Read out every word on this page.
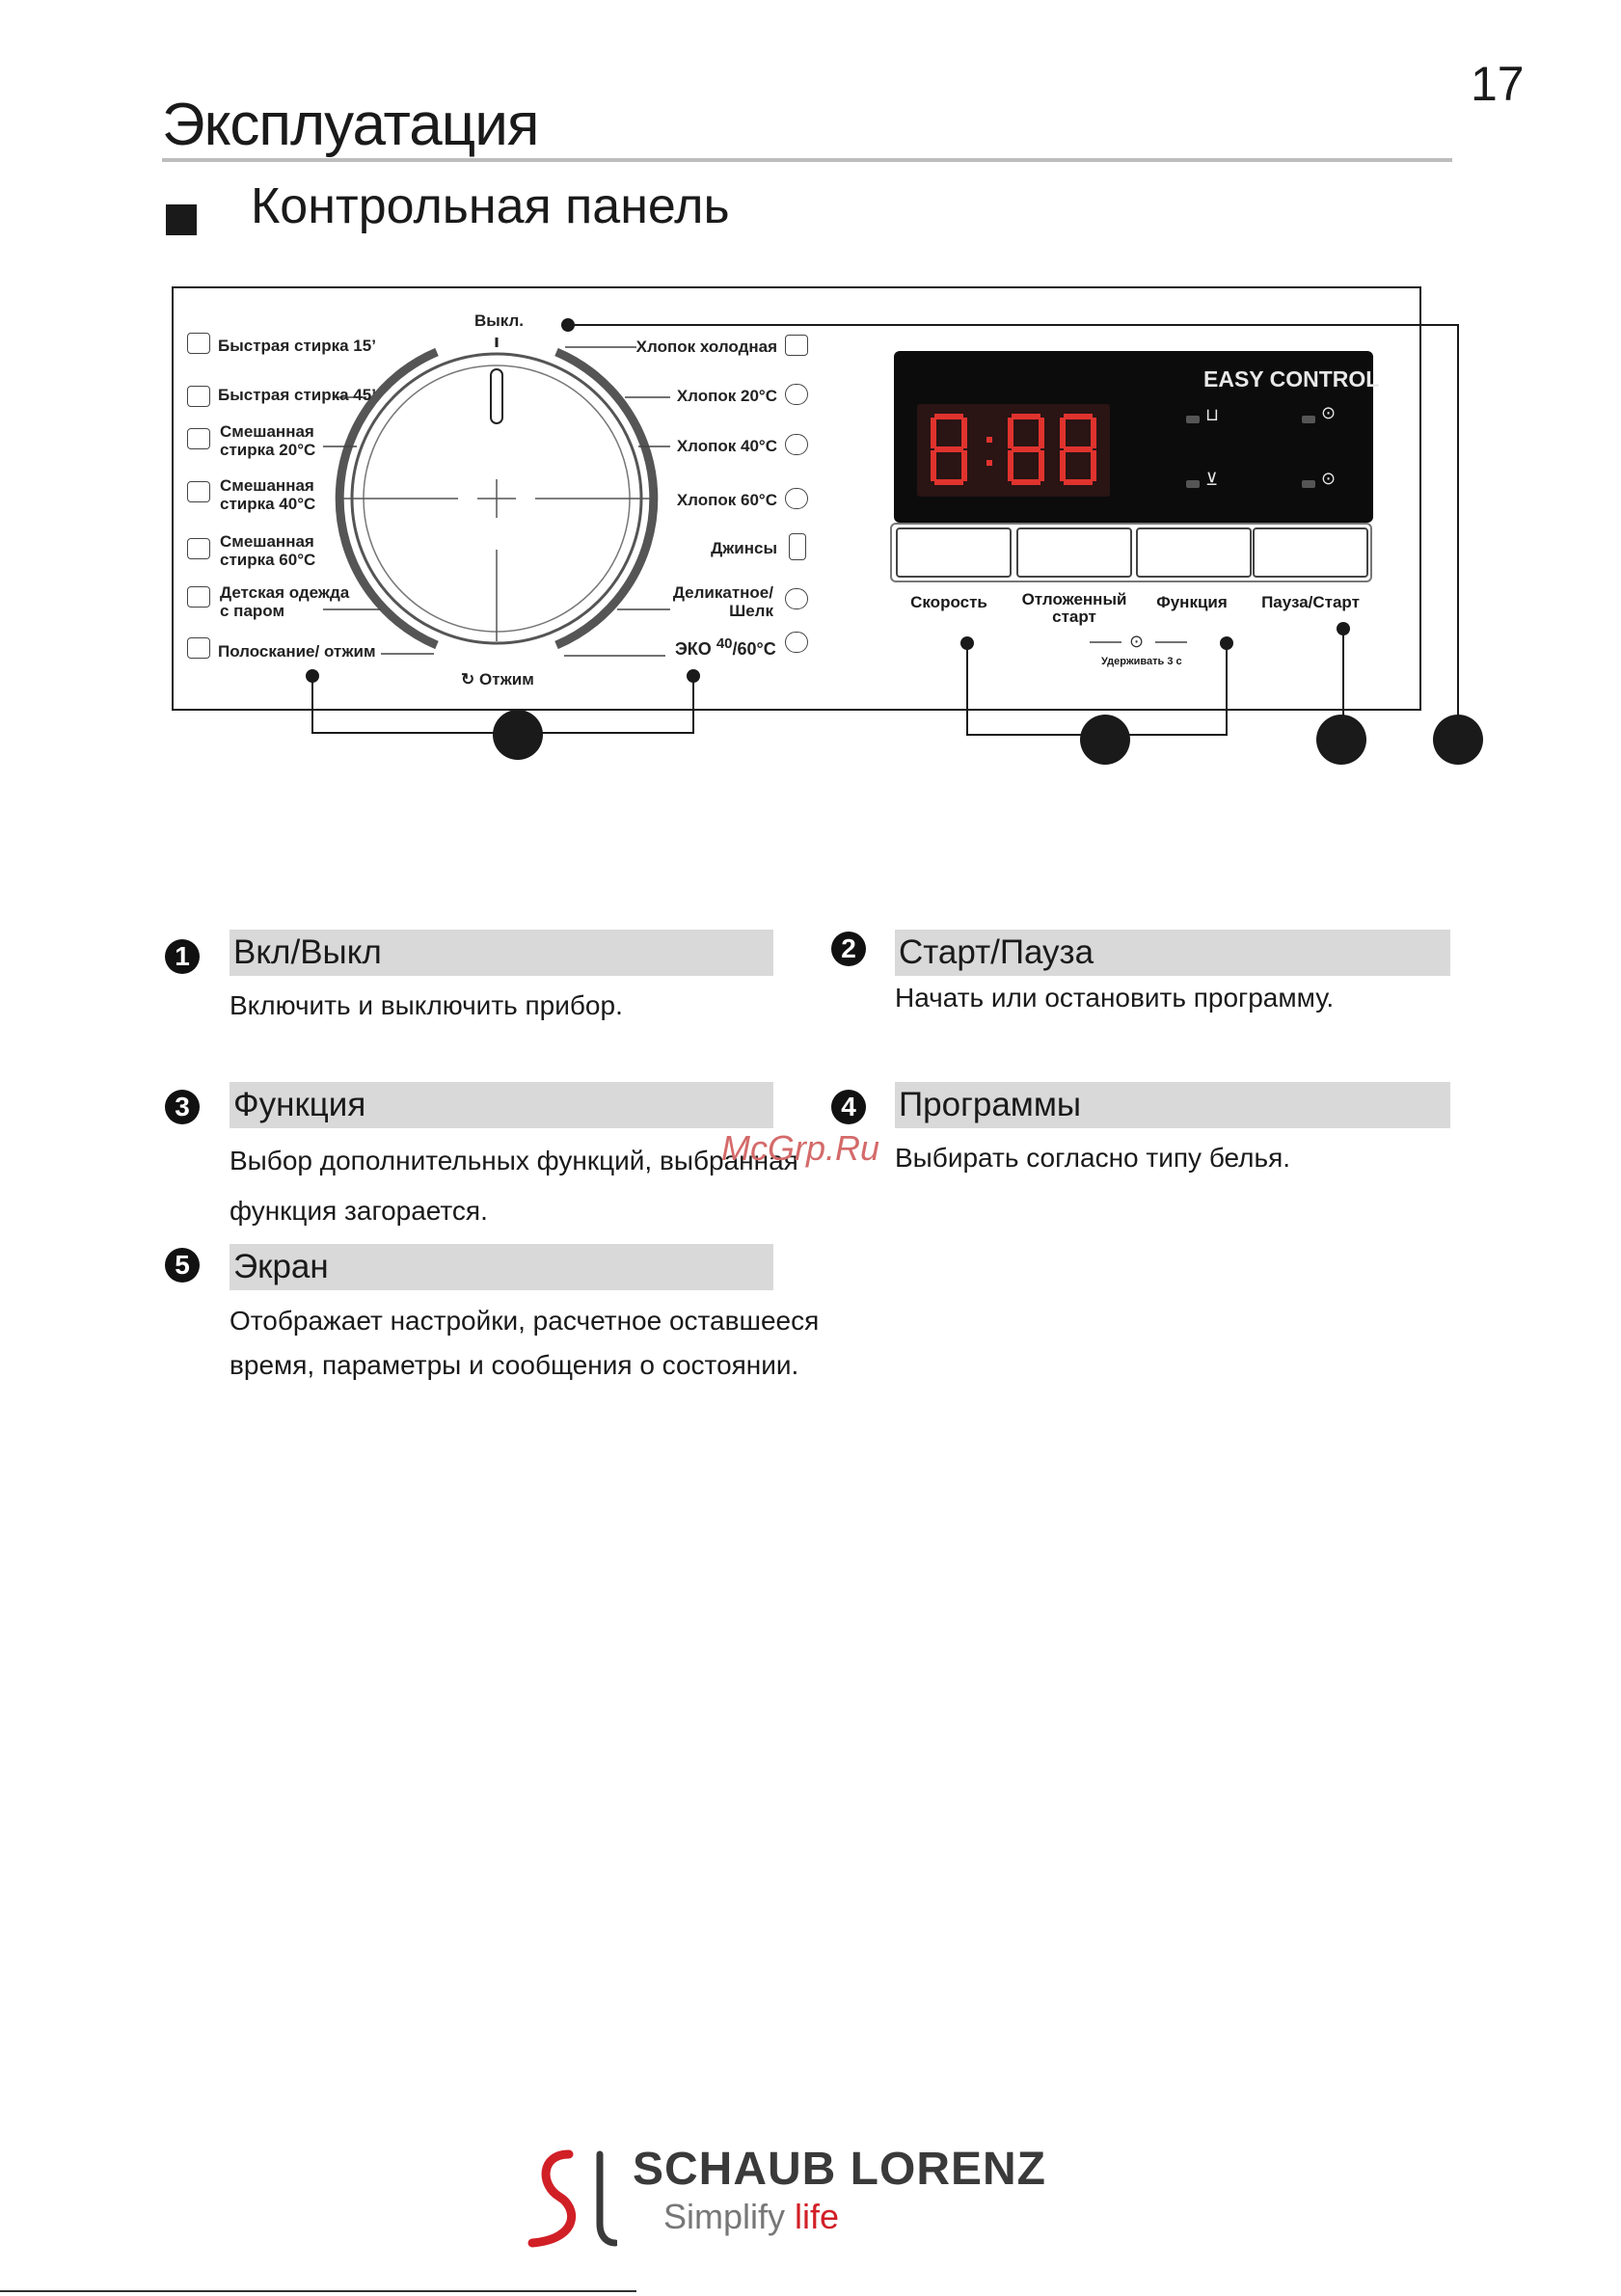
17
Эксплуатация
Контрольная панель
Выкл.
↻ Отжим
Быстрая стирка 15’
Быстрая стирка 45’
Смешанная
стирка 20°C
Смешанная
стирка 40°C
Смешанная
стирка 60°C
Детская одежда
с паром
Полоскание/ отжим
Хлопок холодная
Хлопок 20°C
Хлопок 40°C
Хлопок 60°C
Джинсы
Деликатное/
Шелк
ЭКО $^{40}$/60°C
EASY CONTROL
⊔	⊙
⊻	⊙
Скорость	Отложенный
старт
Функция	Пауза/Старт
⊙
Удерживать 3 с
1 Вкл/Выкл
Включить и выключить прибор.
2 Старт/Пауза
Начать или остановить программу.
3 Функция
Выбор дополнительных функций, выбранная
функция загорается.
4 Программы
Выбирать согласно типу белья.
5 Экран
Отображает настройки, расчетное оставшееся
время, параметры и сообщения о состоянии.
McGrp.Ru
SCHAUB LORENZ
Simplify life
